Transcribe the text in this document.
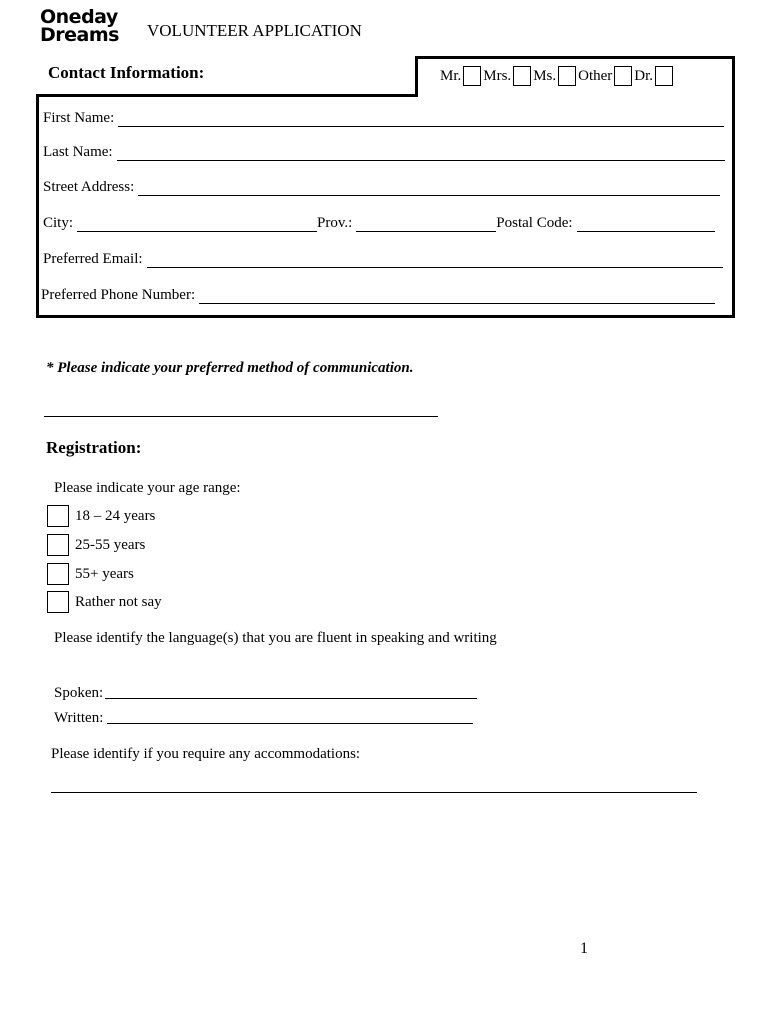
Oneday
Dreams VOLUNTEER APPLICATION
Contact Information:	Mr. Mrs. Ms. Other Dr.
First Name:
Last Name:
Street Address:
City:	Prov.:	Postal Code:
Preferred Email:
Preferred Phone Number:
* Please indicate your preferred method of communication.
Registration:
Please indicate your age range:
18 – 24 years
25-55 years
55+ years
Rather not say
Please identify the language(s) that you are fluent in speaking and writing
Spoken:
Written:
Please identify if you require any accommodations:
1
